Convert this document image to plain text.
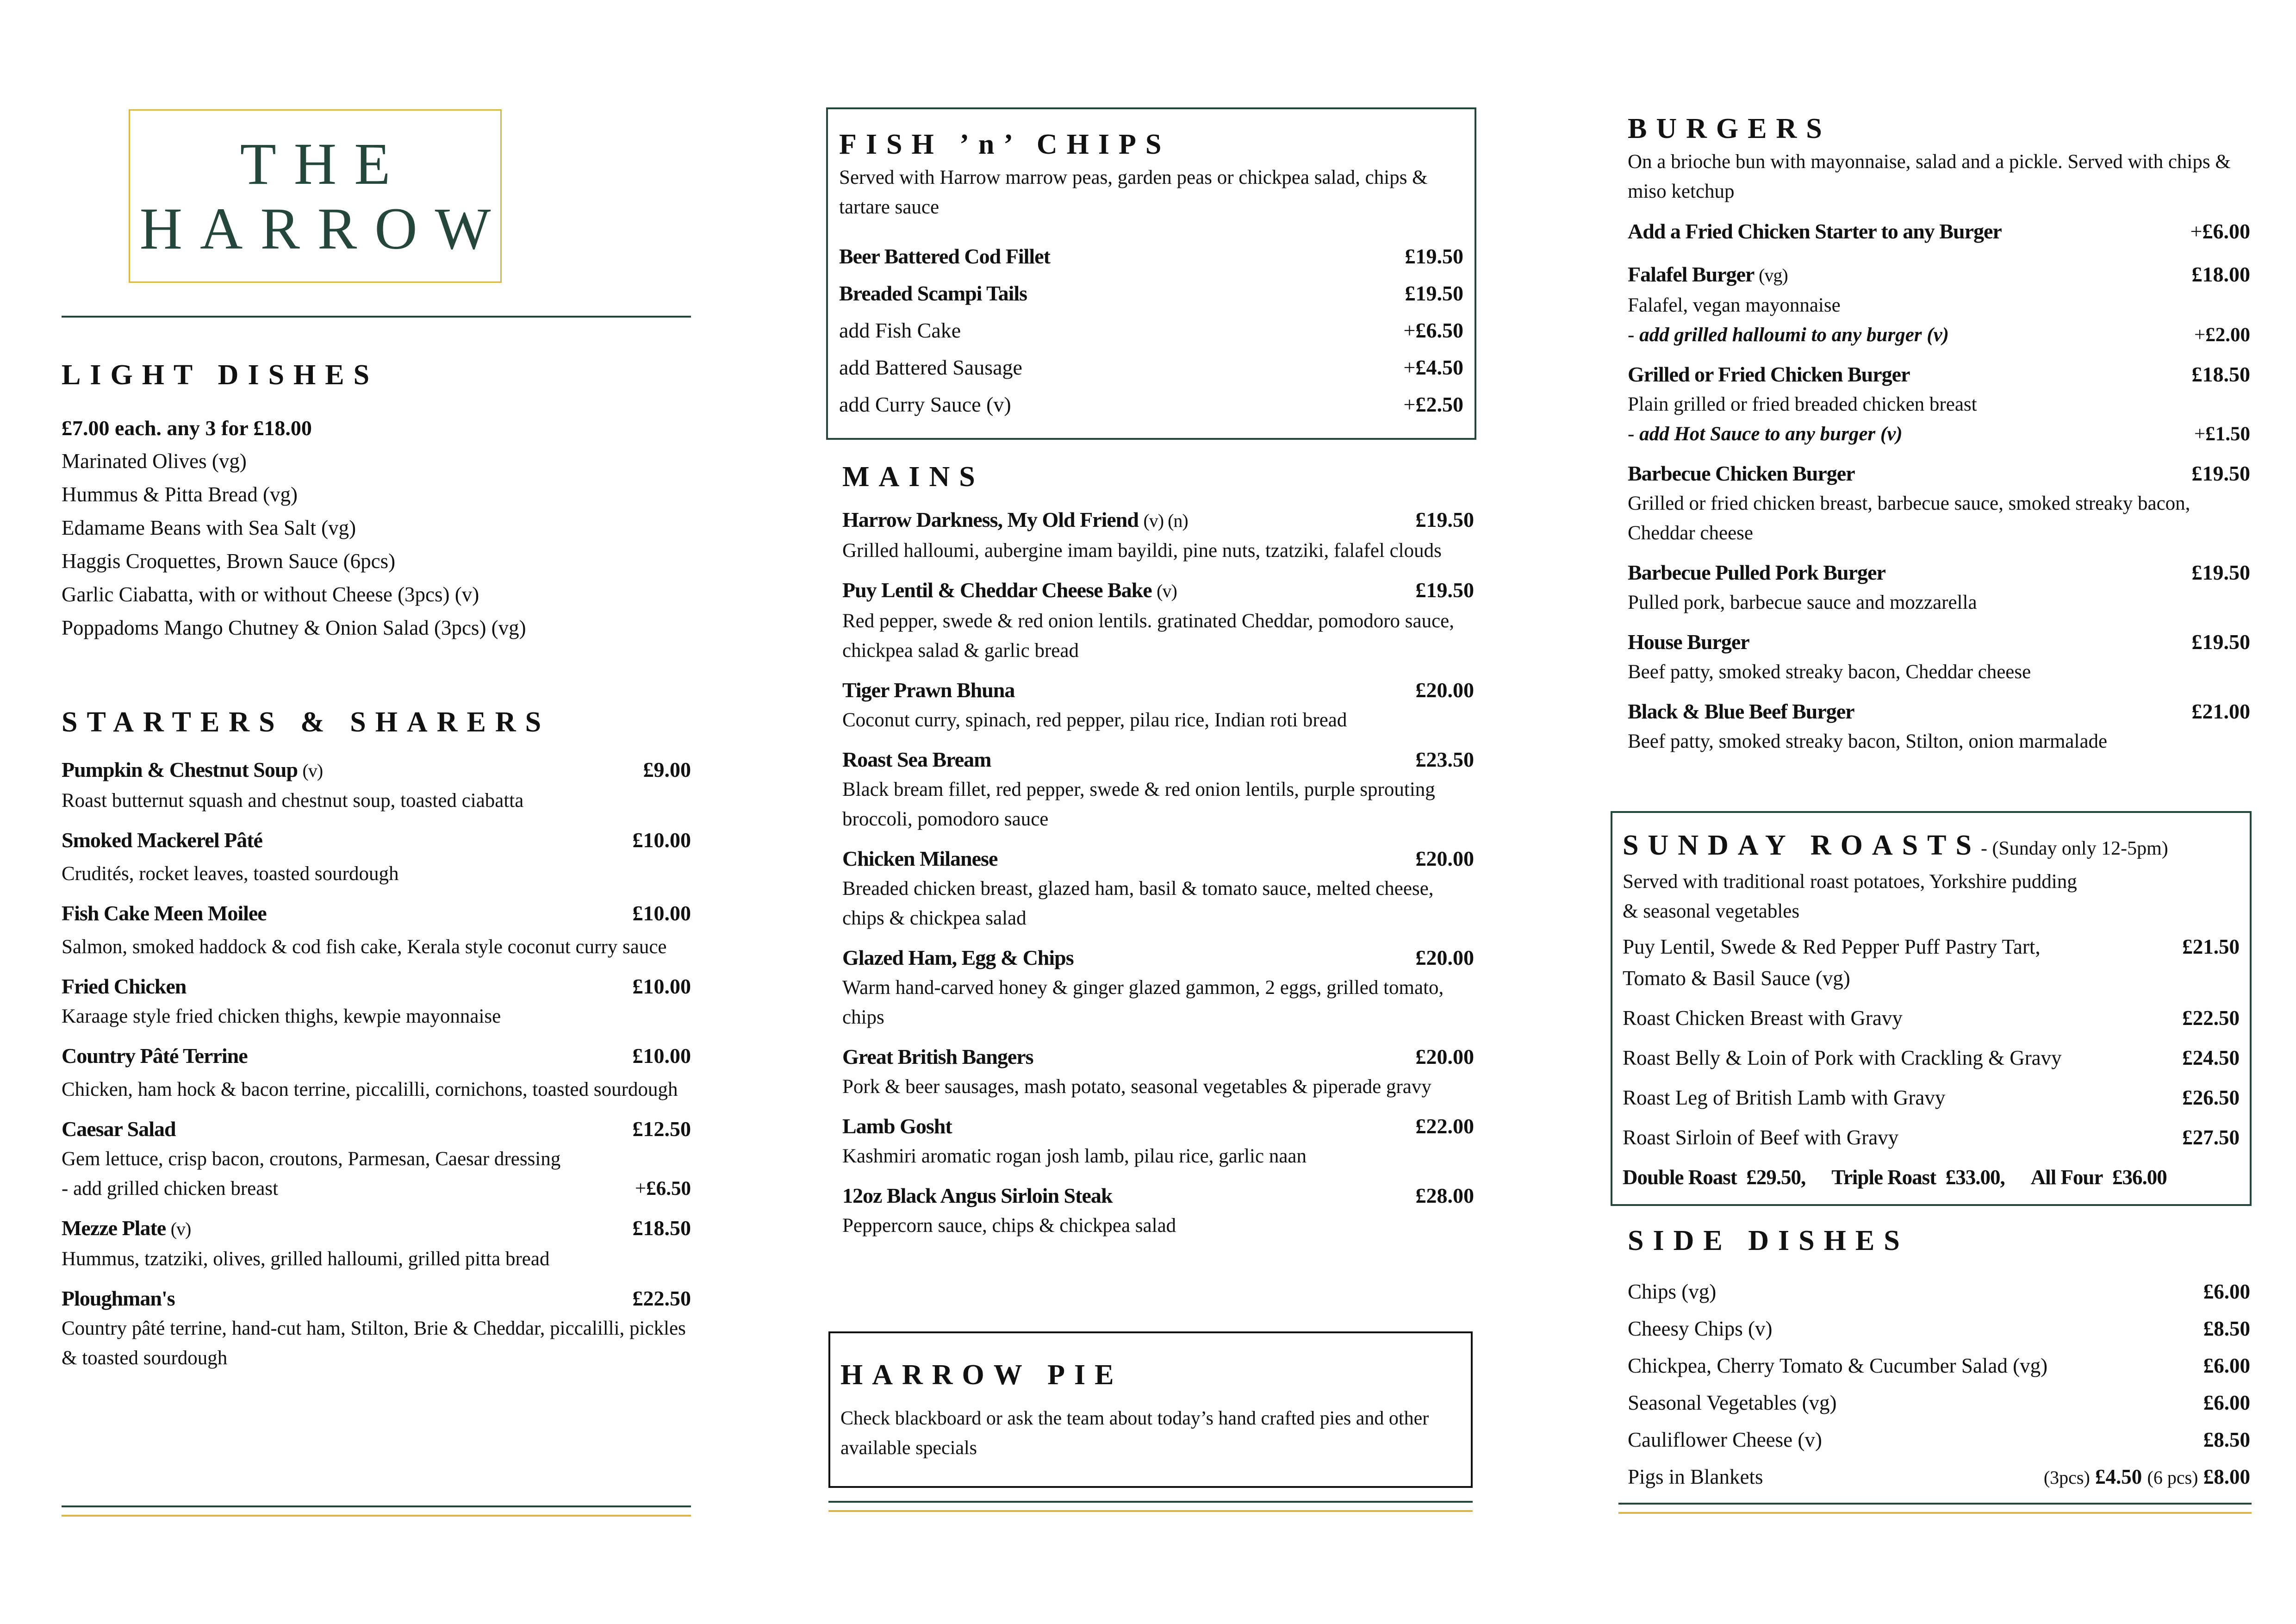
THE
HARROW
LIGHT DISHES
£7.00 each. any 3 for £18.00
Marinated Olives (vg)
Hummus & Pitta Bread (vg)
Edamame Beans with Sea Salt (vg)
Haggis Croquettes, Brown Sauce (6pcs)
Garlic Ciabatta, with or without Cheese (3pcs) (v)
Poppadoms Mango Chutney & Onion Salad (3pcs) (vg)
STARTERS & SHARERS
Pumpkin & Chestnut Soup (v)	£9.00
Roast butternut squash and chestnut soup, toasted ciabatta
Smoked Mackerel Pâté	£10.00
Crudités, rocket leaves, toasted sourdough
Fish Cake Meen Moilee	£10.00
Salmon, smoked haddock & cod fish cake, Kerala style coconut curry sauce
Fried Chicken	£10.00
Karaage style fried chicken thighs, kewpie mayonnaise
Country Pâté Terrine	£10.00
Chicken, ham hock & bacon terrine, piccalilli, cornichons, toasted sourdough
Caesar Salad	£12.50
Gem lettuce, crisp bacon, croutons, Parmesan, Caesar dressing
- add grilled chicken breast	+£6.50
Mezze Plate (v)	£18.50
Hummus, tzatziki, olives, grilled halloumi, grilled pitta bread
Ploughman's	£22.50
Country pâté terrine, hand-cut ham, Stilton, Brie & Cheddar, piccalilli, pickles & toasted sourdough
FISH ’n’ CHIPS
Served with Harrow marrow peas, garden peas or chickpea salad, chips & tartare sauce
Beer Battered Cod Fillet	£19.50
Breaded Scampi Tails	£19.50
add Fish Cake	+£6.50
add Battered Sausage	+£4.50
add Curry Sauce (v)	+£2.50
MAINS
Harrow Darkness, My Old Friend (v) (n)	£19.50
Grilled halloumi, aubergine imam bayildi, pine nuts, tzatziki, falafel clouds
Puy Lentil & Cheddar Cheese Bake (v)	£19.50
Red pepper, swede & red onion lentils. gratinated Cheddar, pomodoro sauce, chickpea salad & garlic bread
Tiger Prawn Bhuna	£20.00
Coconut curry, spinach, red pepper, pilau rice, Indian roti bread
Roast Sea Bream	£23.50
Black bream fillet, red pepper, swede & red onion lentils, purple sprouting broccoli, pomodoro sauce
Chicken Milanese	£20.00
Breaded chicken breast, glazed ham, basil & tomato sauce, melted cheese, chips & chickpea salad
Glazed Ham, Egg & Chips	£20.00
Warm hand-carved honey & ginger glazed gammon, 2 eggs, grilled tomato, chips
Great British Bangers	£20.00
Pork & beer sausages, mash potato, seasonal vegetables & piperade gravy
Lamb Gosht	£22.00
Kashmiri aromatic rogan josh lamb, pilau rice, garlic naan
12oz Black Angus Sirloin Steak	£28.00
Peppercorn sauce, chips & chickpea salad
HARROW PIE
Check blackboard or ask the team about today’s hand crafted pies and other available specials
BURGERS
On a brioche bun with mayonnaise, salad and a pickle. Served with chips & miso ketchup
Add a Fried Chicken Starter to any Burger	+£6.00
Falafel Burger (vg)	£18.00
Falafel, vegan mayonnaise
- add grilled halloumi to any burger (v)	+£2.00
Grilled or Fried Chicken Burger	£18.50
Plain grilled or fried breaded chicken breast
- add Hot Sauce to any burger (v)	+£1.50
Barbecue Chicken Burger	£19.50
Grilled or fried chicken breast, barbecue sauce, smoked streaky bacon, Cheddar cheese
Barbecue Pulled Pork Burger	£19.50
Pulled pork, barbecue sauce and mozzarella
House Burger	£19.50
Beef patty, smoked streaky bacon, Cheddar cheese
Black & Blue Beef Burger	£21.00
Beef patty, smoked streaky bacon, Stilton, onion marmalade
SUNDAY ROASTS- (Sunday only 12-5pm)
Served with traditional roast potatoes, Yorkshire pudding
& seasonal vegetables
Puy Lentil, Swede & Red Pepper Puff Pastry Tart,	£21.50
Tomato & Basil Sauce (vg)
Roast Chicken Breast with Gravy	£22.50
Roast Belly & Loin of Pork with Crackling & Gravy	£24.50
Roast Leg of British Lamb with Gravy	£26.50
Roast Sirloin of Beef with Gravy	£27.50
Double Roast
£29.50, Triple Roast
£33.00, All Four
£36.00
SIDE DISHES
Chips (vg)	£6.00
Cheesy Chips (v)	£8.50
Chickpea, Cherry Tomato & Cucumber Salad (vg)	£6.00
Seasonal Vegetables (vg)	£6.00
Cauliflower Cheese (v)	£8.50
Pigs in Blankets	(3pcs) £4.50 (6 pcs) £8.00
